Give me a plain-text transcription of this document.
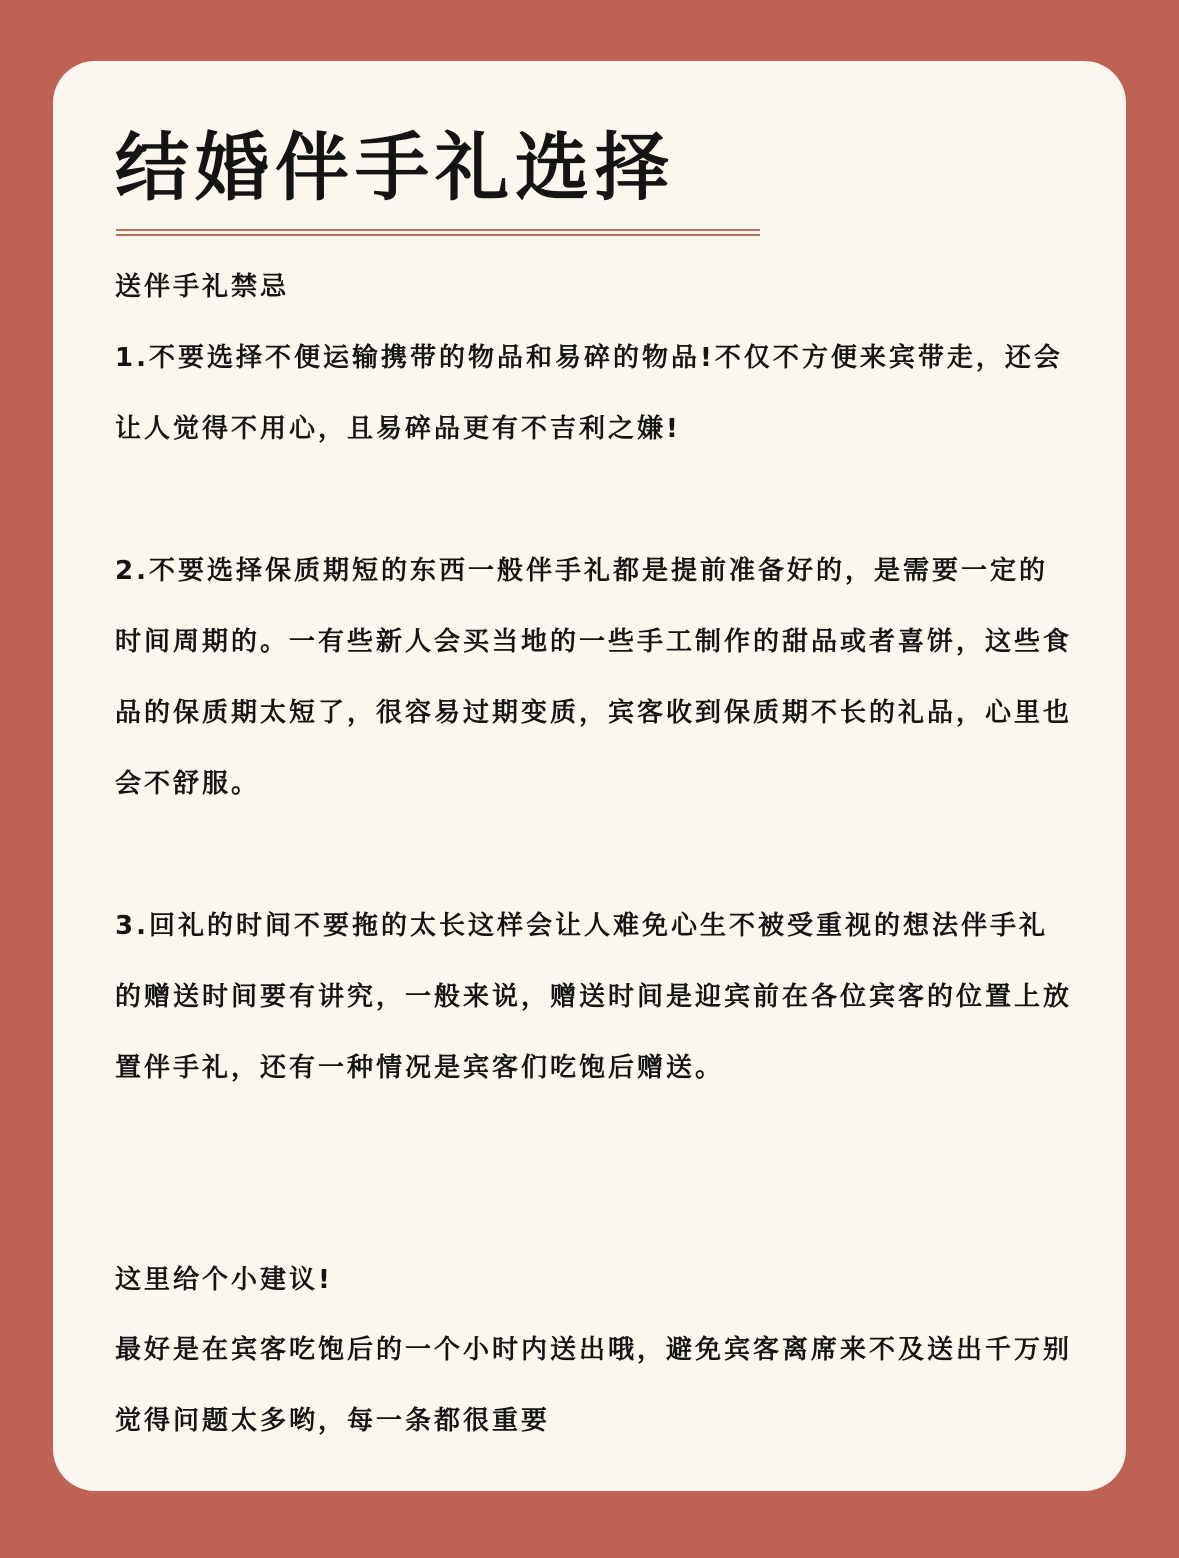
结婚伴手礼选择

送伴手礼禁忌

1.不要选择不便运输携带的物品和易碎的物品!不仅不方便来宾带走，还会让人觉得不用心，且易碎品更有不吉利之嫌!

2.不要选择保质期短的东西一般伴手礼都是提前准备好的，是需要一定的时间周期的。一有些新人会买当地的一些手工制作的甜品或者喜饼，这些食品的保质期太短了，很容易过期变质，宾客收到保质期不长的礼品，心里也会不舒服。

3.回礼的时间不要拖的太长这样会让人难免心生不被受重视的想法伴手礼的赠送时间要有讲究，一般来说，赠送时间是迎宾前在各位宾客的位置上放置伴手礼，还有一种情况是宾客们吃饱后赠送。

这里给个小建议!

最好是在宾客吃饱后的一个小时内送出哦，避免宾客离席来不及送出千万别觉得问题太多哟，每一条都很重要
